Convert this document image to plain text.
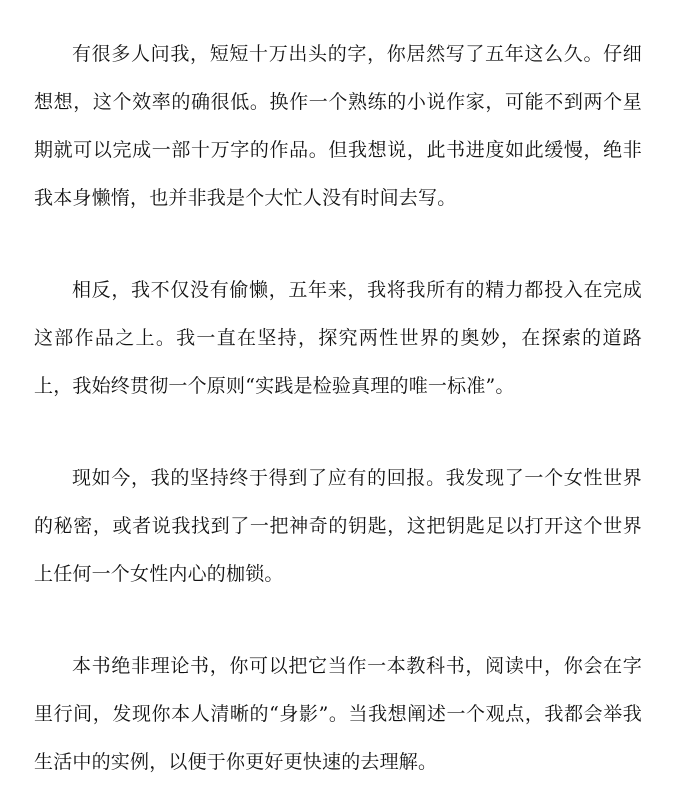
有很多人问我，短短十万出头的字，你居然写了五年这么久。仔细想想，这个效率的确很低。换作一个熟练的小说作家，可能不到两个星期就可以完成一部十万字的作品。但我想说，此书进度如此缓慢，绝非我本身懒惰，也并非我是个大忙人没有时间去写。

相反，我不仅没有偷懒，五年来，我将我所有的精力都投入在完成这部作品之上。我一直在坚持，探究两性世界的奥妙，在探索的道路上，我始终贯彻一个原则“实践是检验真理的唯一标准”。

现如今，我的坚持终于得到了应有的回报。我发现了一个女性世界的秘密，或者说我找到了一把神奇的钥匙，这把钥匙足以打开这个世界上任何一个女性内心的枷锁。

本书绝非理论书，你可以把它当作一本教科书，阅读中，你会在字里行间，发现你本人清晰的“身影”。当我想阐述一个观点，我都会举我生活中的实例，以便于你更好更快速的去理解。
